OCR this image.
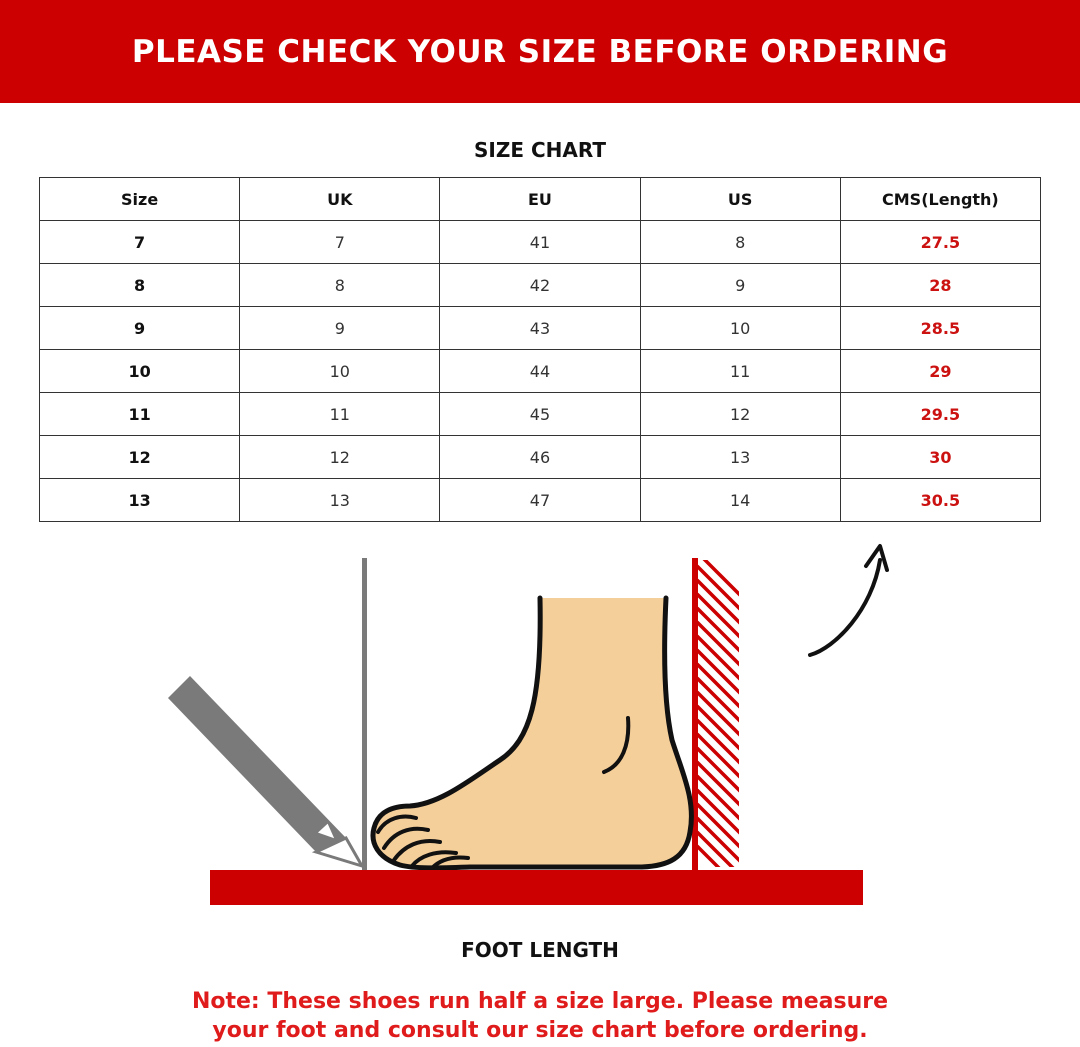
PLEASE CHECK YOUR SIZE BEFORE ORDERING
SIZE CHART
Size	UK	EU	US	CMS(Length)
7	7	41	8	27.5
8	8	42	9	28
9	9	43	10	28.5
10	10	44	11	29
11	11	45	12	29.5
12	12	46	13	30
13	13	47	14	30.5
FOOT LENGTH
Note: These shoes run half a size large. Please measure
your foot and consult our size chart before ordering.
